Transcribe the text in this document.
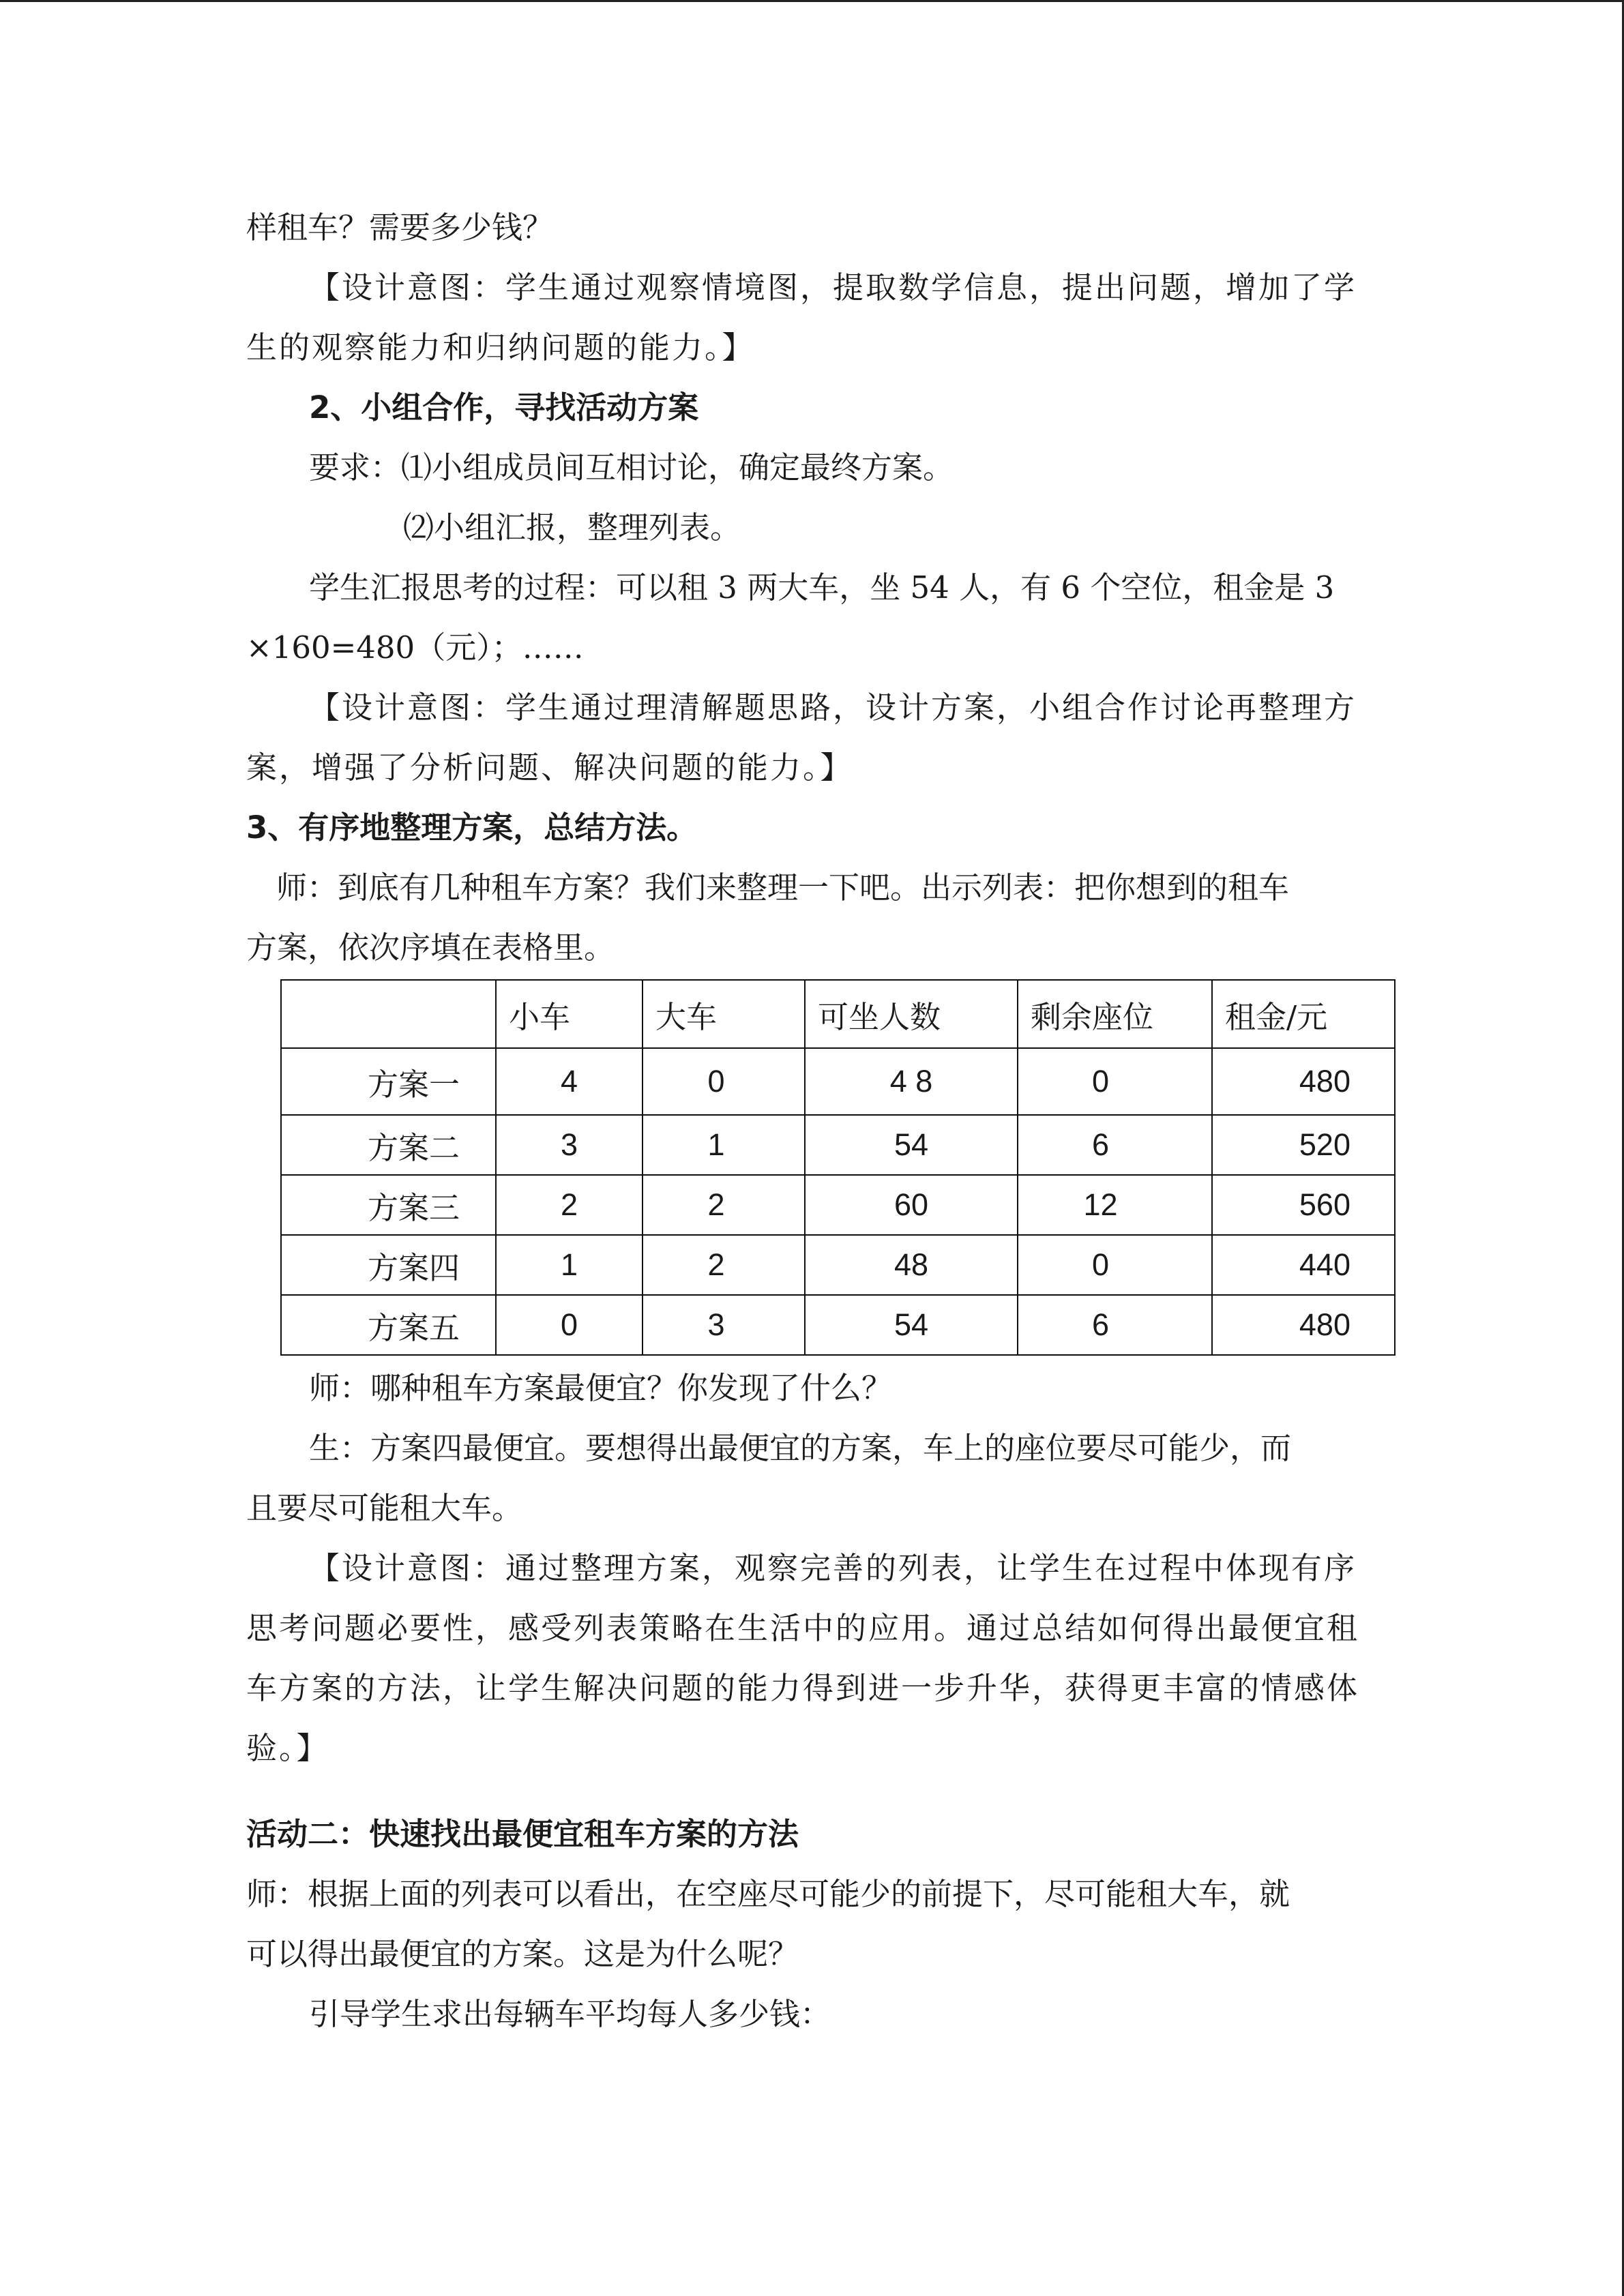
样租车？需要多少钱？

【设计意图：学生通过观察情境图，提取数学信息，提出问题，增加了学

生的观察能力和归纳问题的能力。】

2、小组合作，寻找活动方案

要求：⑴小组成员间互相讨论，确定最终方案。

⑵小组汇报，整理列表。

学生汇报思考的过程：可以租 3 两大车，坐 54 人，有 6 个空位，租金是 3

×160=480（元）；……

【设计意图：学生通过理清解题思路，设计方案，小组合作讨论再整理方

案，增强了分析问题、解决问题的能力。】

3、有序地整理方案，总结方法。

师：到底有几种租车方案？我们来整理一下吧。出示列表：把你想到的租车

方案，依次序填在表格里。

	小车	大车	可坐人数	剩余座位	租金/元
方案一	4	0	4 8	0	480
方案二	3	1	54	6	520
方案三	2	2	60	12	560
方案四	1	2	48	0	440
方案五	0	3	54	6	480

师：哪种租车方案最便宜？你发现了什么？

生：方案四最便宜。要想得出最便宜的方案，车上的座位要尽可能少，而

且要尽可能租大车。

【设计意图：通过整理方案，观察完善的列表，让学生在过程中体现有序

思考问题必要性，感受列表策略在生活中的应用。通过总结如何得出最便宜租

车方案的方法，让学生解决问题的能力得到进一步升华，获得更丰富的情感体

验。】

活动二：快速找出最便宜租车方案的方法

师：根据上面的列表可以看出，在空座尽可能少的前提下，尽可能租大车，就

可以得出最便宜的方案。这是为什么呢？

引导学生求出每辆车平均每人多少钱：
